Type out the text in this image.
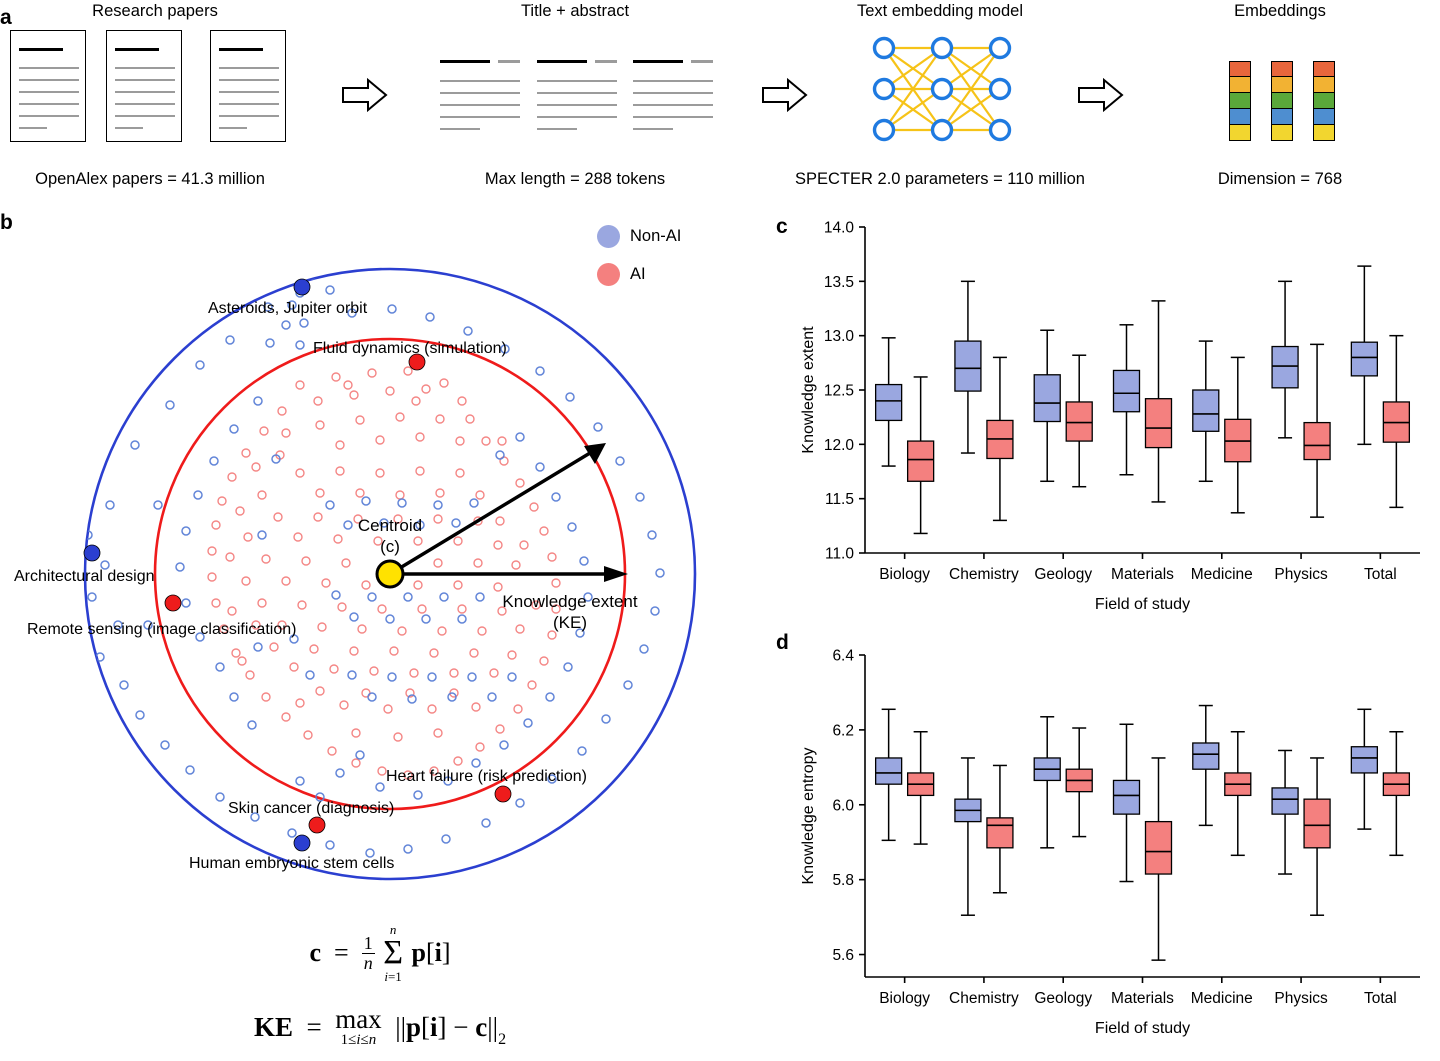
a	Research papers
OpenAlex papers = 41.3 million
Title + abstract
Max length = 288 tokens
Text embedding model
SPECTER 2.0 parameters = 110 million
Embeddings
Dimension = 768
b
Non-AI
AI
Asteroids, Jupiter orbit
Fluid dynamics (simulation)
Architectural design
Remote sensing (image classification)
Heart failure (risk prediction)
Skin cancer (diagnosis)
Human embryonic stem cells
Centroid
(c)
Knowledge extent
(KE)
$c = \frac{1}{n}$

n
Σ
i=1
p[i]
KE  = max
1≤i≤n ||p[i] − c||2
c
11.0
11.5
12.0
12.5
13.0
13.5
14.0
Biology Chemistry Geology Materials Medicine Physics Total
Field of study
Knowledge extent
d
5.6
5.8
6.0
6.2
6.4
Biology Chemistry Geology Materials Medicine Physics Total
Field of study
Knowledge entropy
